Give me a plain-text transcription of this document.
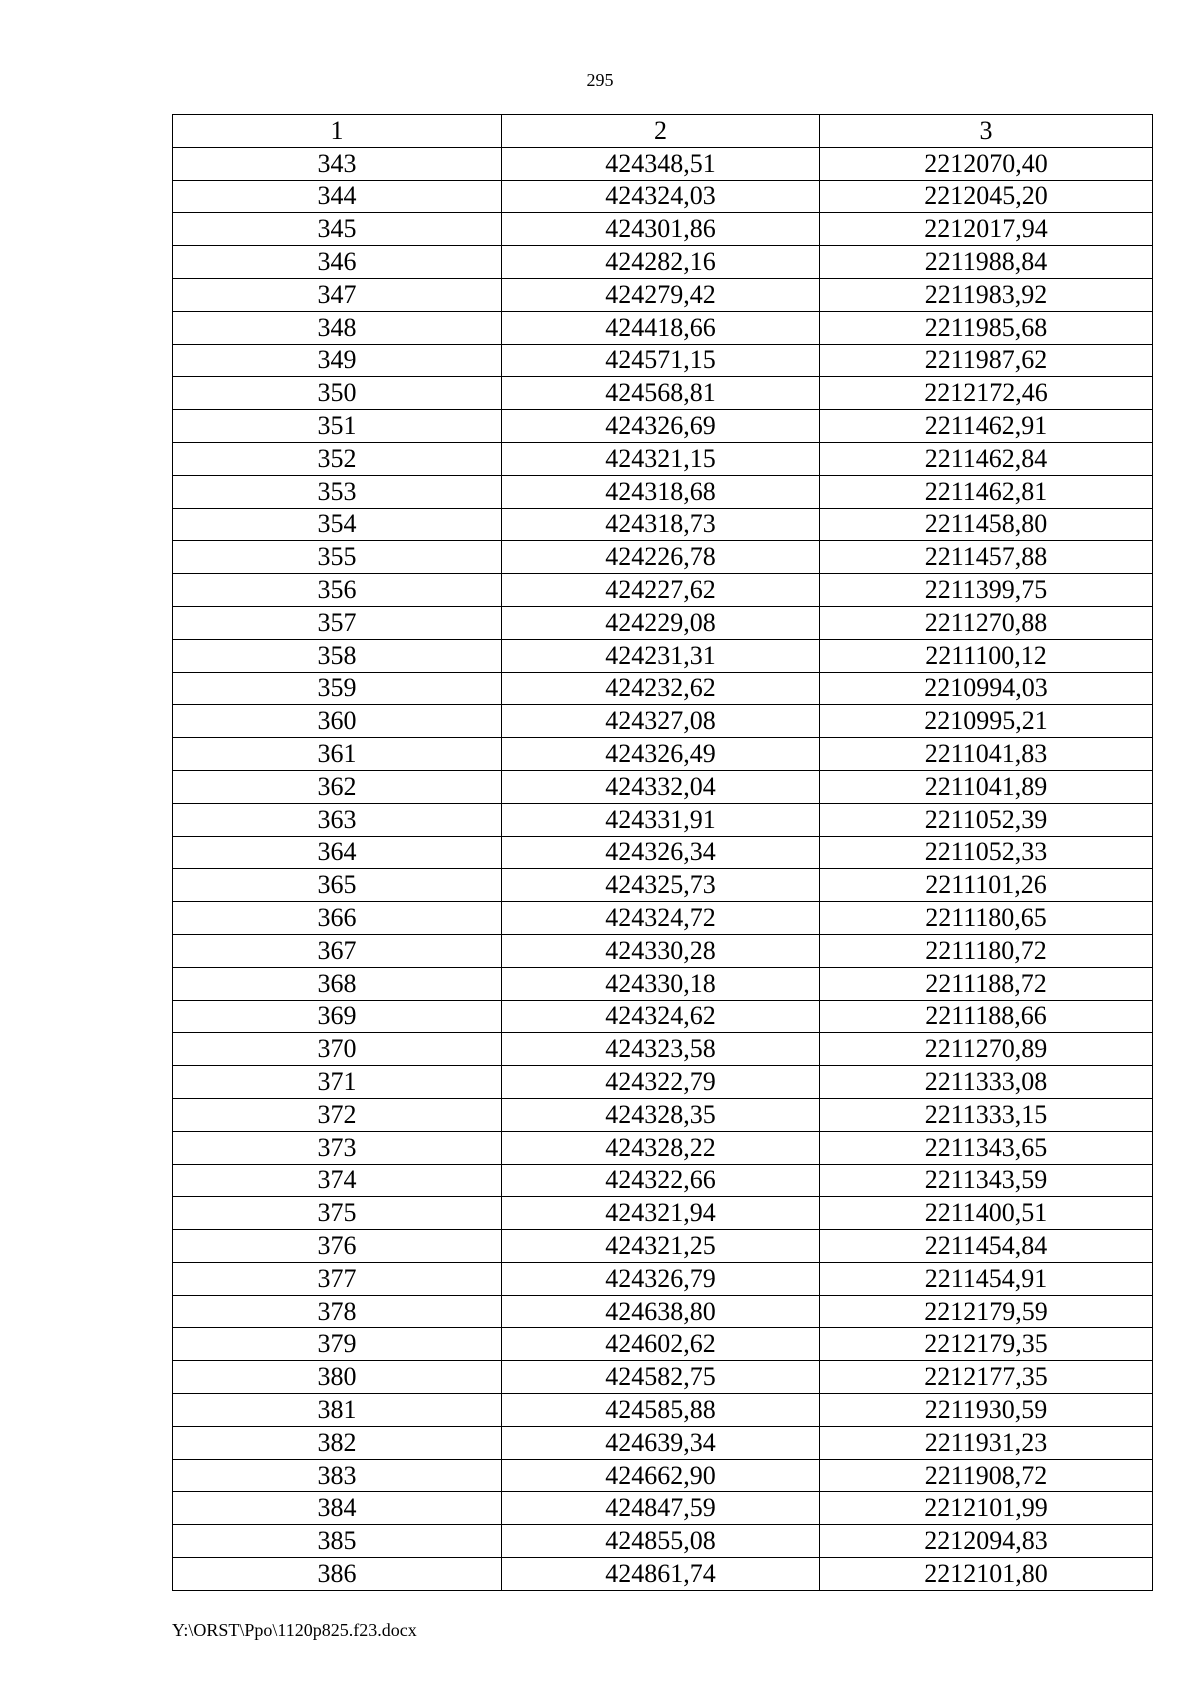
295
1	2	3
343	424348,51	2212070,40
344	424324,03	2212045,20
345	424301,86	2212017,94
346	424282,16	2211988,84
347	424279,42	2211983,92
348	424418,66	2211985,68
349	424571,15	2211987,62
350	424568,81	2212172,46
351	424326,69	2211462,91
352	424321,15	2211462,84
353	424318,68	2211462,81
354	424318,73	2211458,80
355	424226,78	2211457,88
356	424227,62	2211399,75
357	424229,08	2211270,88
358	424231,31	2211100,12
359	424232,62	2210994,03
360	424327,08	2210995,21
361	424326,49	2211041,83
362	424332,04	2211041,89
363	424331,91	2211052,39
364	424326,34	2211052,33
365	424325,73	2211101,26
366	424324,72	2211180,65
367	424330,28	2211180,72
368	424330,18	2211188,72
369	424324,62	2211188,66
370	424323,58	2211270,89
371	424322,79	2211333,08
372	424328,35	2211333,15
373	424328,22	2211343,65
374	424322,66	2211343,59
375	424321,94	2211400,51
376	424321,25	2211454,84
377	424326,79	2211454,91
378	424638,80	2212179,59
379	424602,62	2212179,35
380	424582,75	2212177,35
381	424585,88	2211930,59
382	424639,34	2211931,23
383	424662,90	2211908,72
384	424847,59	2212101,99
385	424855,08	2212094,83
386	424861,74	2212101,80
Y:\ORST\Ppo\1120p825.f23.docx
